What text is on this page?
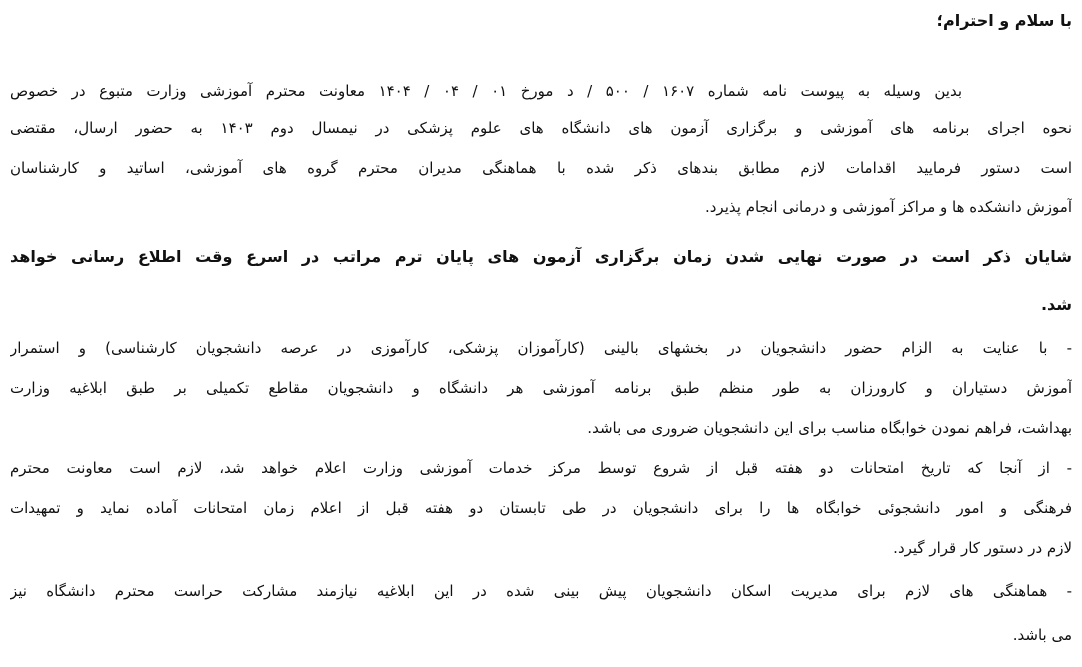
با سلام و احترام؛
بدین وسیله به پیوست نامه شماره ۱۶۰۷ / ۵۰۰ / د مورخ ۰۱ / ۰۴ / ۱۴۰۴ معاونت محترم آموزشی وزارت متبوع در خصوص
نحوه اجرای برنامه های آموزشی و برگزاری آزمون های دانشگاه های علوم پزشکی در نیمسال دوم ۱۴۰۳ به حضور ارسال، مقتضی
است دستور فرمایید اقدامات لازم مطابق بندهای ذکر شده با هماهنگی مدیران محترم گروه های آموزشی، اساتید و کارشناسان
آموزش دانشکده ها و مراکز آموزشی و درمانی انجام پذیرد.
شایان ذکر است در صورت نهایی شدن زمان برگزاری آزمون های پایان ترم مراتب در اسرع وقت اطلاع رسانی خواهد
شد.
- با عنایت به الزام حضور دانشجویان در بخشهای بالینی (کارآموزان پزشکی، کارآموزی در عرصه دانشجویان کارشناسی) و استمرار
آموزش دستیاران و کارورزان به طور منظم طبق برنامه آموزشی هر دانشگاه و دانشجویان مقاطع تکمیلی بر طبق ابلاغیه وزارت
بهداشت، فراهم نمودن خوابگاه مناسب برای این دانشجویان ضروری می باشد.
- از آنجا که تاریخ امتحانات دو هفته قبل از شروع توسط مرکز خدمات آموزشی وزارت اعلام خواهد شد، لازم است معاونت محترم
فرهنگی و امور دانشجوئی خوابگاه ها را برای دانشجویان در طی تابستان دو هفته قبل از اعلام زمان امتحانات آماده نماید و تمهیدات
لازم در دستور کار قرار گیرد.
- هماهنگی های لازم برای مدیریت اسکان دانشجویان پیش بینی شده در این ابلاغیه نیازمند مشارکت حراست محترم دانشگاه نیز
می باشد.
